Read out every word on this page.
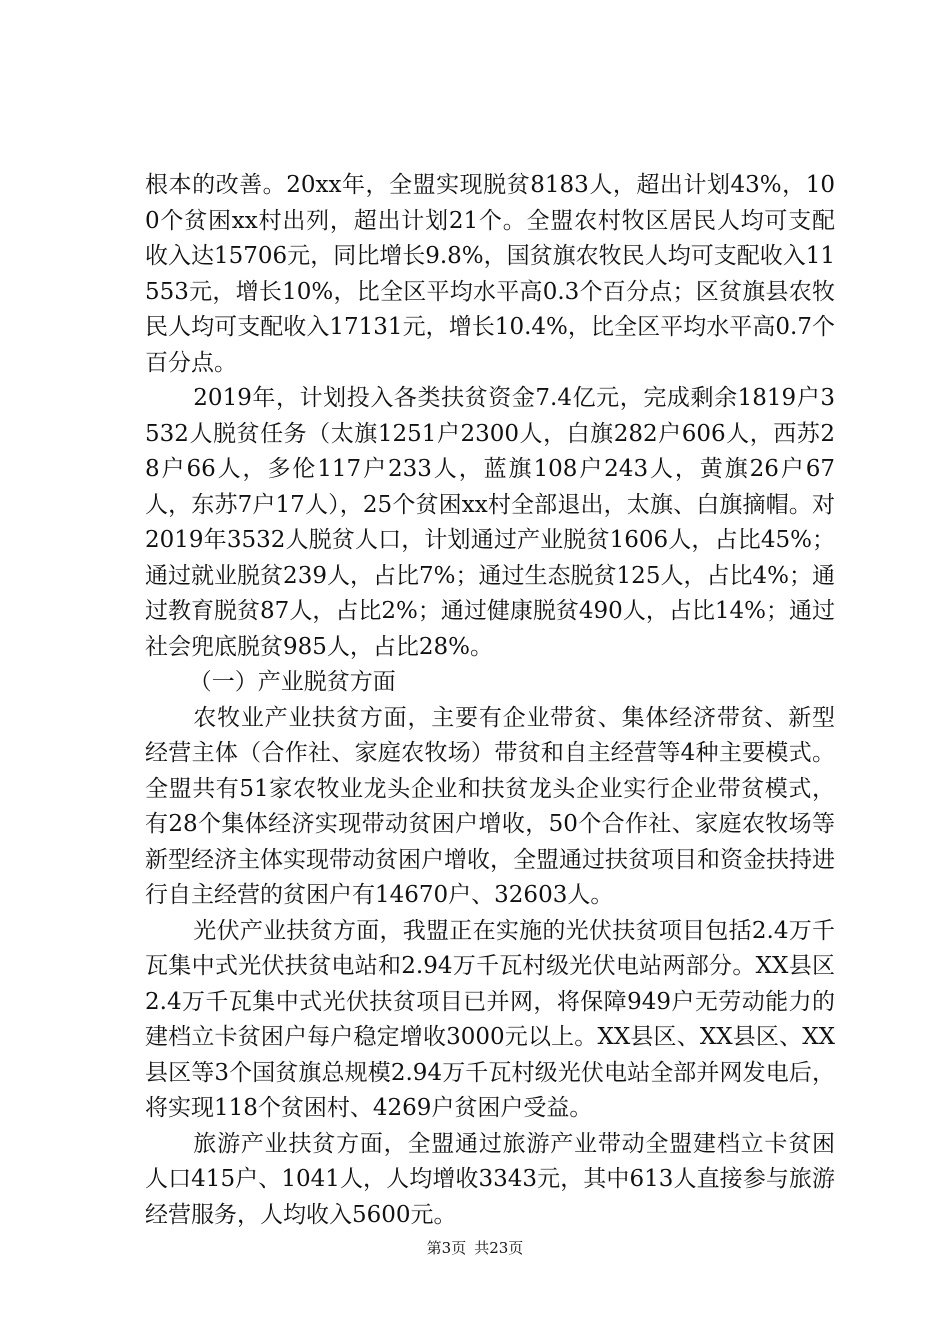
根本的改善。20xx年，全盟实现脱贫8183人，超出计划43%，100个贫困xx村出列，超出计划21个。全盟农村牧区居民人均可支配收入达15706元，同比增长9.8%，国贫旗农牧民人均可支配收入11553元，增长10%，比全区平均水平高0.3个百分点；区贫旗县农牧民人均可支配收入17131元，增长10.4%，比全区平均水平高0.7个百分点。

2019年，计划投入各类扶贫资金7.4亿元，完成剩余1819户3532人脱贫任务（太旗1251户2300人，白旗282户606人，西苏28户66人，多伦117户233人，蓝旗108户243人，黄旗26户67人，东苏7户17人），25个贫困xx村全部退出，太旗、白旗摘帽。对2019年3532人脱贫人口，计划通过产业脱贫1606人，占比45%；通过就业脱贫239人，占比7%；通过生态脱贫125人，占比4%；通过教育脱贫87人，占比2%；通过健康脱贫490人，占比14%；通过社会兜底脱贫985人，占比28%。

（一）产业脱贫方面

农牧业产业扶贫方面，主要有企业带贫、集体经济带贫、新型经营主体（合作社、家庭农牧场）带贫和自主经营等4种主要模式。全盟共有51家农牧业龙头企业和扶贫龙头企业实行企业带贫模式，有28个集体经济实现带动贫困户增收，50个合作社、家庭农牧场等新型经济主体实现带动贫困户增收，全盟通过扶贫项目和资金扶持进行自主经营的贫困户有14670户、32603人。

光伏产业扶贫方面，我盟正在实施的光伏扶贫项目包括2.4万千瓦集中式光伏扶贫电站和2.94万千瓦村级光伏电站两部分。XX县区2.4万千瓦集中式光伏扶贫项目已并网，将保障949户无劳动能力的建档立卡贫困户每户稳定增收3000元以上。XX县区、XX县区、XX县区等3个国贫旗总规模2.94万千瓦村级光伏电站全部并网发电后，将实现118个贫困村、4269户贫困户受益。

旅游产业扶贫方面，全盟通过旅游产业带动全盟建档立卡贫困人口415户、1041人，人均增收3343元，其中613人直接参与旅游经营服务，人均收入5600元。

第3页 共23页
